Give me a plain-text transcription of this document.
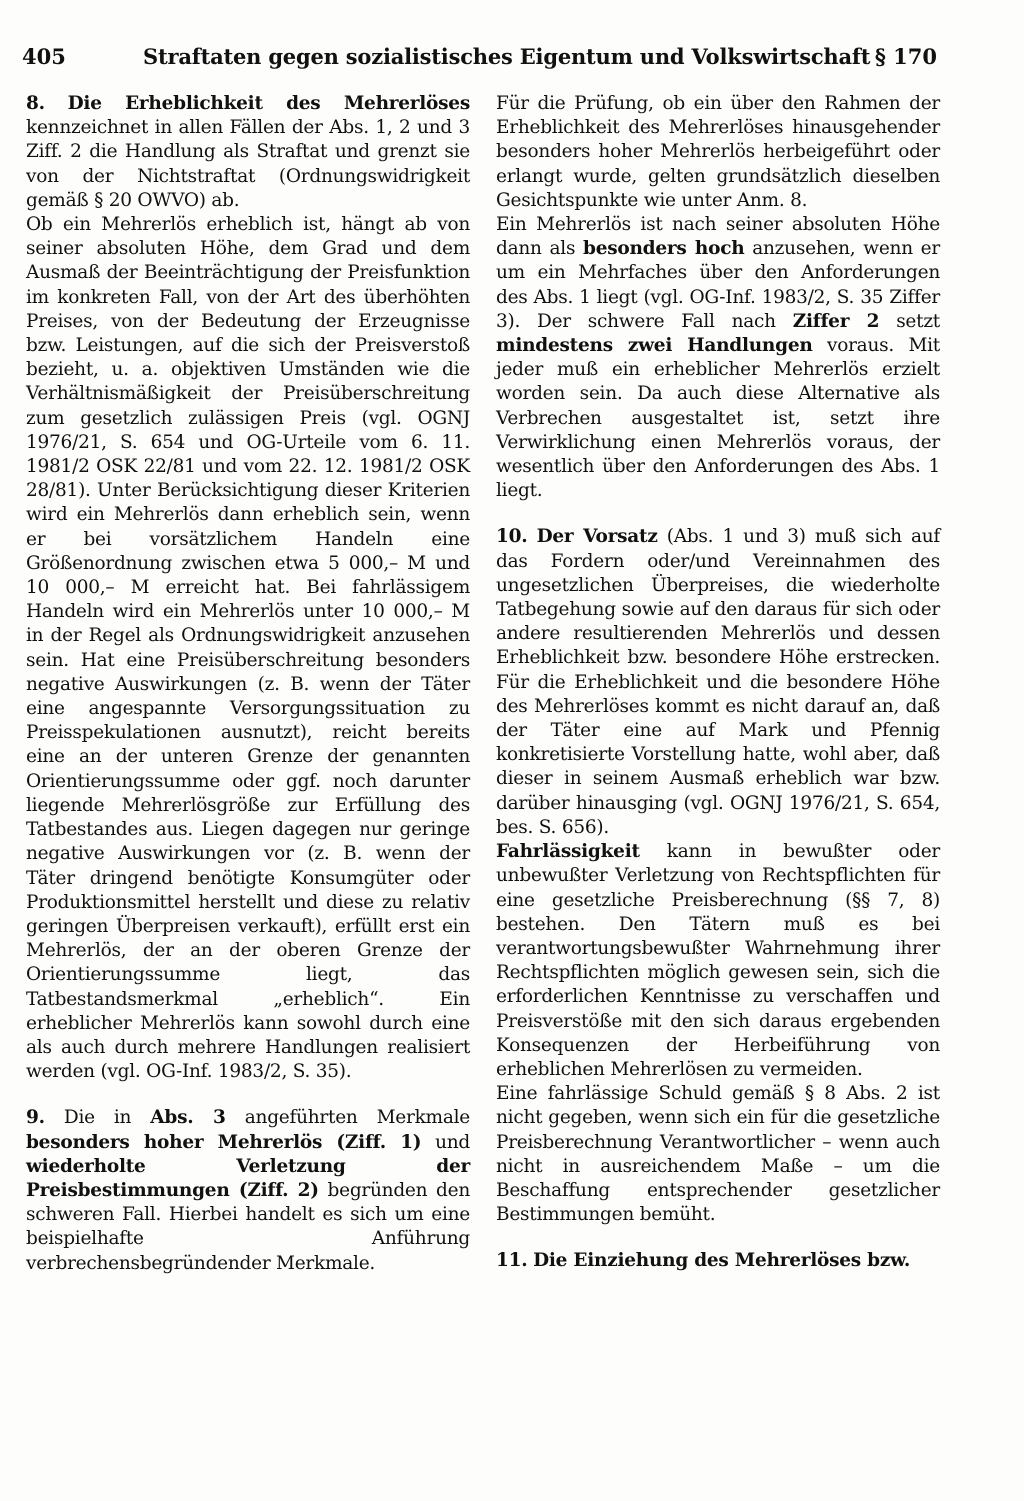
405	Straftaten gegen sozialistisches Eigentum und Volkswirtschaft § 170

8. Die Erheblichkeit des Mehrerlöses kennzeichnet in allen Fällen der Abs. 1, 2 und 3 Ziff. 2 die Handlung als Straftat und grenzt sie von der Nichtstraftat (Ordnungswidrigkeit gemäß § 20 OWVO) ab.

Ob ein Mehrerlös erheblich ist, hängt ab von seiner absoluten Höhe, dem Grad und dem Ausmaß der Beeinträchtigung der Preisfunktion im konkreten Fall, von der Art des überhöhten Preises, von der Bedeutung der Erzeugnisse bzw. Leistungen, auf die sich der Preisverstoß bezieht, u. a. objektiven Umständen wie die Verhältnismäßigkeit der Preisüberschreitung zum gesetzlich zulässigen Preis (vgl. OGNJ 1976/21, S. 654 und OG-Urteile vom 6. 11. 1981/2 OSK 22/81 und vom 22. 12. 1981/2 OSK 28/81). Unter Berücksichtigung dieser Kriterien wird ein Mehrerlös dann erheblich sein, wenn er bei vorsätzlichem Handeln eine Größenordnung zwischen etwa 5 000,– M und 10 000,– M erreicht hat. Bei fahrlässigem Handeln wird ein Mehrerlös unter 10 000,– M in der Regel als Ordnungswidrigkeit anzusehen sein. Hat eine Preisüberschreitung besonders negative Auswirkungen (z. B. wenn der Täter eine angespannte Versorgungssituation zu Preisspekulationen ausnutzt), reicht bereits eine an der unteren Grenze der genannten Orientierungssumme oder ggf. noch darunter liegende Mehrerlösgröße zur Erfüllung des Tatbestandes aus. Liegen dagegen nur geringe negative Auswirkungen vor (z. B. wenn der Täter dringend benötigte Konsumgüter oder Produktionsmittel herstellt und diese zu relativ geringen Überpreisen verkauft), erfüllt erst ein Mehrerlös, der an der oberen Grenze der Orientierungssumme liegt, das Tatbestandsmerkmal „erheblich“. Ein erheblicher Mehrerlös kann sowohl durch eine als auch durch mehrere Handlungen realisiert werden (vgl. OG-Inf. 1983/2, S. 35).

9. Die in Abs. 3 angeführten Merkmale besonders hoher Mehrerlös (Ziff. 1) und wiederholte Verletzung der Preisbestimmungen (Ziff. 2) begründen den schweren Fall. Hierbei handelt es sich um eine beispielhafte Anführung verbrechensbegründender Merkmale.

Für die Prüfung, ob ein über den Rahmen der Erheblichkeit des Mehrerlöses hinausgehender besonders hoher Mehrerlös herbeigeführt oder erlangt wurde, gelten grundsätzlich dieselben Gesichtspunkte wie unter Anm. 8.

Ein Mehrerlös ist nach seiner absoluten Höhe dann als besonders hoch anzusehen, wenn er um ein Mehrfaches über den Anforderungen des Abs. 1 liegt (vgl. OG-Inf. 1983/2, S. 35 Ziffer 3). Der schwere Fall nach Ziffer 2 setzt mindestens zwei Handlungen voraus. Mit jeder muß ein erheblicher Mehrerlös erzielt worden sein. Da auch diese Alternative als Verbrechen ausgestaltet ist, setzt ihre Verwirklichung einen Mehrerlös voraus, der wesentlich über den Anforderungen des Abs. 1 liegt.

10. Der Vorsatz (Abs. 1 und 3) muß sich auf das Fordern oder/und Vereinnahmen des ungesetzlichen Überpreises, die wiederholte Tatbegehung sowie auf den daraus für sich oder andere resultierenden Mehrerlös und dessen Erheblichkeit bzw. besondere Höhe erstrecken. Für die Erheblichkeit und die besondere Höhe des Mehrerlöses kommt es nicht darauf an, daß der Täter eine auf Mark und Pfennig konkretisierte Vorstellung hatte, wohl aber, daß dieser in seinem Ausmaß erheblich war bzw. darüber hinausging (vgl. OGNJ 1976/21, S. 654, bes. S. 656).

Fahrlässigkeit kann in bewußter oder unbewußter Verletzung von Rechtspflichten für eine gesetzliche Preisberechnung (§§ 7, 8) bestehen. Den Tätern muß es bei verantwortungsbewußter Wahrnehmung ihrer Rechtspflichten möglich gewesen sein, sich die erforderlichen Kenntnisse zu verschaffen und Preisverstöße mit den sich daraus ergebenden Konsequenzen der Herbeiführung von erheblichen Mehrerlösen zu vermeiden.

Eine fahrlässige Schuld gemäß § 8 Abs. 2 ist nicht gegeben, wenn sich ein für die gesetzliche Preisberechnung Verantwortlicher – wenn auch nicht in ausreichendem Maße – um die Beschaffung entsprechender gesetzlicher Bestimmungen bemüht.

11. Die Einziehung des Mehrerlöses bzw.
